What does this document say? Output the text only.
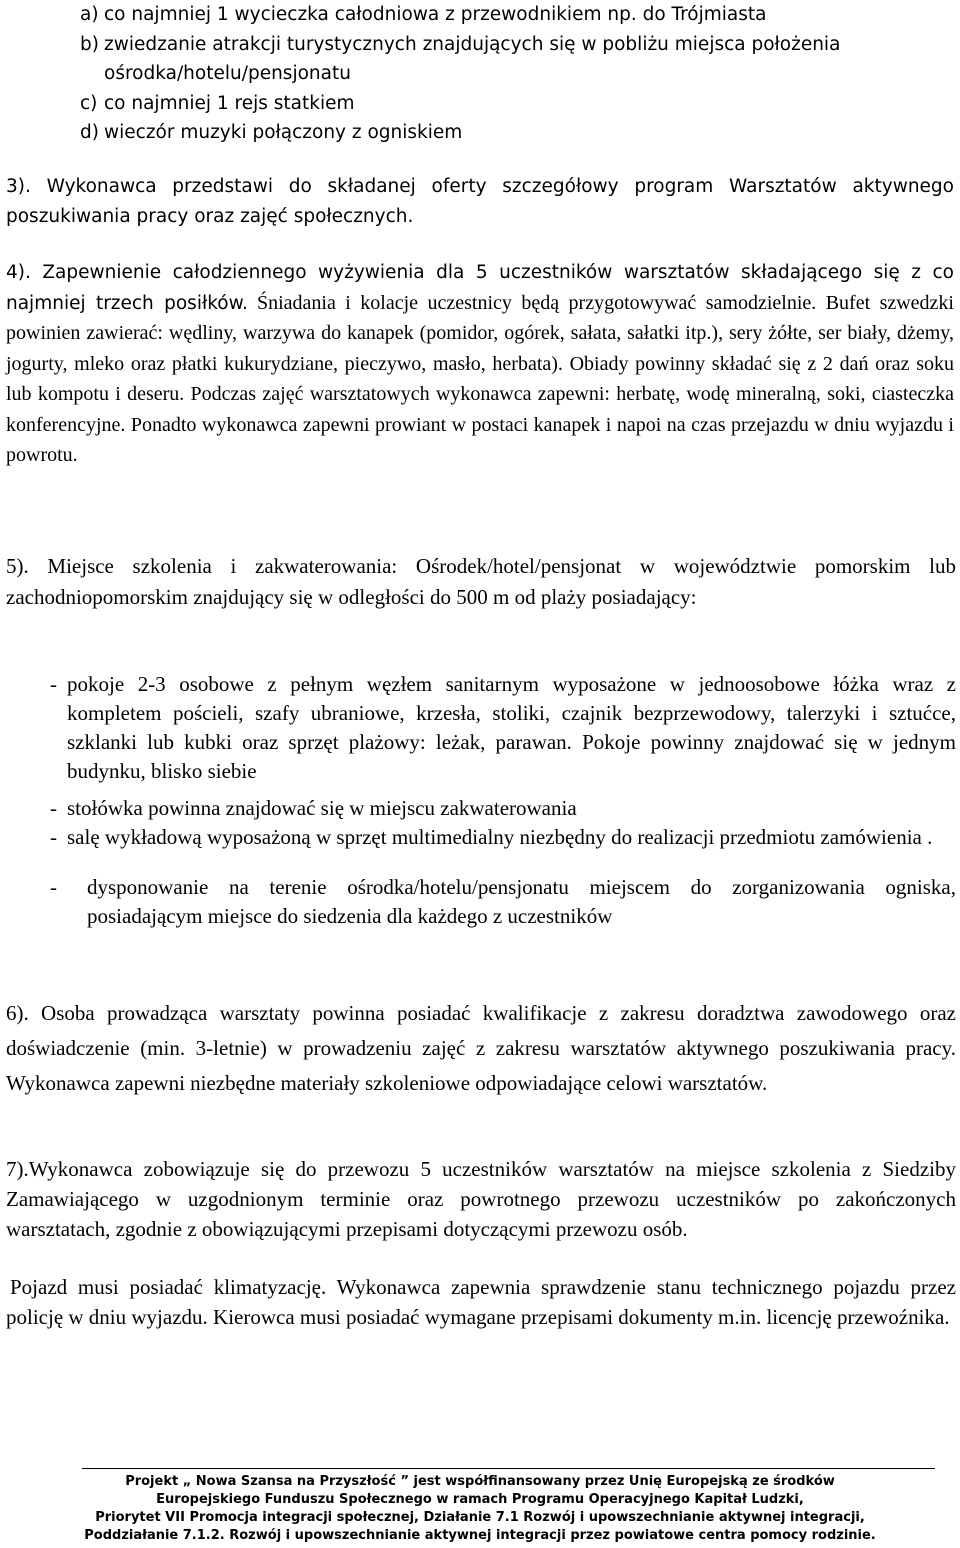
a) co najmniej 1 wycieczka całodniowa z przewodnikiem np. do Trójmiasta
b) zwiedzanie atrakcji turystycznych znajdujących się w pobliżu miejsca położenia ośrodka/hotelu/pensjonatu
c) co najmniej 1 rejs statkiem
d) wieczór muzyki połączony z ogniskiem
3). Wykonawca przedstawi do składanej oferty szczegółowy program Warsztatów aktywnego poszukiwania pracy oraz zajęć społecznych.
4). Zapewnienie całodziennego wyżywienia dla 5 uczestników warsztatów składającego się z co najmniej trzech posiłków. Śniadania i kolacje uczestnicy będą przygotowywać samodzielnie. Bufet szwedzki powinien zawierać: wędliny, warzywa do kanapek (pomidor, ogórek, sałata, sałatki itp.), sery żółte, ser biały, dżemy, jogurty, mleko oraz płatki kukurydziane, pieczywo, masło, herbata). Obiady powinny składać się z 2 dań oraz soku lub kompotu i deseru. Podczas zajęć warsztatowych wykonawca zapewni: herbatę, wodę mineralną, soki, ciasteczka konferencyjne. Ponadto wykonawca zapewni prowiant w postaci kanapek i napoi na czas przejazdu w dniu wyjazdu i powrotu.
5). Miejsce szkolenia i zakwaterowania: Ośrodek/hotel/pensjonat w województwie pomorskim lub zachodniopomorskim znajdujący się w odległości do 500 m od plaży posiadający:
- pokoje 2-3 osobowe z pełnym węzłem sanitarnym wyposażone w jednoosobowe łóżka wraz z kompletem pościeli, szafy ubraniowe, krzesła, stoliki, czajnik bezprzewodowy, talerzyki i sztućce, szklanki lub kubki oraz sprzęt plażowy: leżak, parawan. Pokoje powinny znajdować się w jednym budynku, blisko siebie
- stołówka powinna znajdować się w miejscu zakwaterowania
- salę wykładową wyposażoną w sprzęt multimedialny niezbędny do realizacji przedmiotu zamówienia .
-	dysponowanie na terenie ośrodka/hotelu/pensjonatu miejscem do zorganizowania ogniska, posiadającym miejsce do siedzenia dla każdego z uczestników
6). Osoba prowadząca warsztaty powinna posiadać kwalifikacje z zakresu doradztwa zawodowego oraz doświadczenie (min. 3-letnie) w prowadzeniu zajęć z zakresu warsztatów aktywnego poszukiwania pracy. Wykonawca zapewni niezbędne materiały szkoleniowe odpowiadające celowi warsztatów.
7).Wykonawca zobowiązuje się do przewozu 5 uczestników warsztatów na miejsce szkolenia z Siedziby Zamawiającego w uzgodnionym terminie oraz powrotnego przewozu uczestników po zakończonych warsztatach, zgodnie z obowiązującymi przepisami dotyczącymi przewozu osób.
Pojazd musi posiadać klimatyzację. Wykonawca zapewnia sprawdzenie stanu technicznego pojazdu przez policję w dniu wyjazdu. Kierowca musi posiadać wymagane przepisami dokumenty m.in. licencję przewoźnika.
Projekt „ Nowa Szansa na Przyszłość ” jest współfinansowany przez Unię Europejską ze środków
Europejskiego Funduszu Społecznego w ramach Programu Operacyjnego Kapitał Ludzki,
Priorytet VII Promocja integracji społecznej, Działanie 7.1 Rozwój i upowszechnianie aktywnej integracji,
Poddziałanie 7.1.2. Rozwój i upowszechnianie aktywnej integracji przez powiatowe centra pomocy rodzinie.
